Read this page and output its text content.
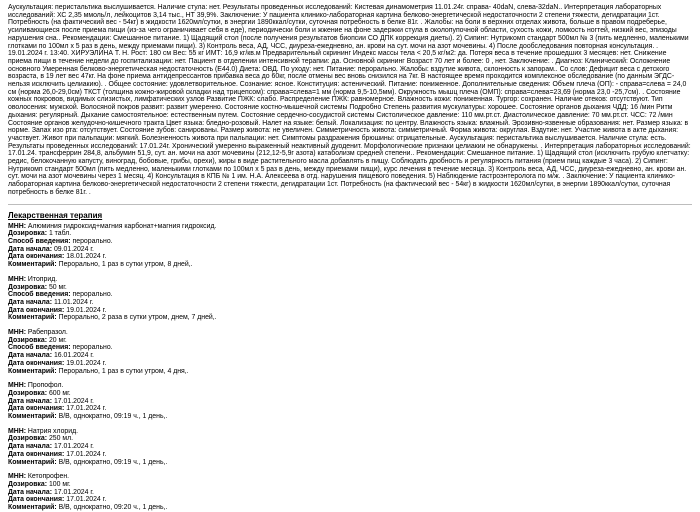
Аускультация: перистальтика выслушивается. Наличие стула: нет. Результаты проведенных исследований: Кистевая динамометрия 11.01.24г. справа- 40daN, слева-32daN.. Интерпретация лабораторных исследований: ХС 2,35 ммоль/л, лейкоцитов 3,14 тыс., НТ 39,9%. Заключение: У пациента клинико-лабораторная картина белково-энергетической недостаточности 2 степени тяжести, дегидратации 1ст. Потребность (на фактический вес - 54кг) в жидкости 1620мл/сутки, в энергии 1890ккал/сутки, суточная потребность в белке 81г. . Жалобы: на боли в верхних отделах живота, больше в правом подреберье, усиливающиеся после приема пищи (из-за чего ограничивает себя в еде), периодически боли и жжение на фоне задержки стула в околопупочной области, сухость кожи, ломкость ногтей, низкий вес, эпизоды нарушения сна.. Рекомендации: Смешанное питание. 1) Щадящий стол (после получения результатов биопсии СО ДПК коррекция диеты). 2) Сипинг: Нутрикомп стандарт 500мл № 3 (пить медленно, маленькими глотками по 100мл х 5 раз в день, между приемами пищи). 3) Контроль веса, АД, ЧСС, диуреза-ежедневно, ан. крови на сут. мочи на азот мочевины. 4) После дообследования повторная консультация. . 19.01.2024 г. 13:40. ХИРУЭЛИНА Т. Н. Рост: 180 см Вес: 55 кг ИМТ: 16,9 кг/кв.м Предварительный скрининг Индекс массы тела ˂ 20,5 кг/м2: да. Потеря веса в течение прошедших 3 месяцев: нет. Снижение приема пищи в течение недели до госпитализации: нет. Пациент в отделении интенсивной терапии: да. Основной скрининг Возраст 70 лет и более: 0 , нет. Заключение: . Диагноз: Клинический: Осложнение основного Умеренная белково-энергетическая недостаточность (Е44.0) Диета: ОВД. По уходу: нет. Питание: перорально. Жалобы: вздутие живота, склонность к запорам.. Со слов: Дефицит веса с детского возраста, в 19 лет вес 47кг. На фоне приема антидепрессантов прибавка веса до 60кг, после отмены вес вновь снизился на 7кг. В настоящее время проходится комплексное обследование (по данным ЭГДС- нельзя исключить целиакию). . Общее состояние: удовлетворительное. Сознание: ясное. Конституция: астенический. Питание: пониженное. Дополнительные сведения: Объем плеча (ОП): - справа=слева = 24,0 см (норма 26,0-29,0см) ТКСТ (толщина кожно-жировой складки над трицепсом): справа=слева=1 мм (норма 9,5-10,5мм). Окружность мышц плеча (ОМП): справа=слева=23,69 (норма 23,0 -25,7см). . Состояние кожных покровов, видимых слизистых, лимфатических узлов Развитие ПЖК: слабо. Распределение ПЖК: равномерное. Влажность кожи: пониженная. Тургор: сохранен. Наличие отеков: отсутствуют. Тип оволосения: мужской. Волосяной покров развит: развит умеренно. Состояние костно-мышечной системы Подробно Степень развития мускулатуры: хорошее. Состояние органов дыхания ЧДД: 16 /мин Ритм дыхания: регулярный. Дыхание самостоятельное: естественным путем. Состояние сердечно-сосудистой системы Систолическое давление: 110 мм.рт.ст. Диастолическое давление: 70 мм.рт.ст. ЧСС: 72 /мин Состояние органов желудочно-кишечного тракта Цвет языка: бледно-розовый. Налет на языке: белый. Локализация: по центру. Влажность языка: влажный. Эрозивно-язвенные образования: нет. Размер языка: в норме. Запах изо рта: отсутствует. Состояние зубов: санированы. Размер живота: не увеличен. Симметричность живота: симметричный. Форма живота: округлая. Вздутие: нет. Участие живота в акте дыхания: участвует. Живот при пальпации: мягкий. Болезненность живота при пальпации: нет. Симптомы раздражения брюшины: отрицательные. Аускультация: перистальтика выслушивается. Наличие стула: есть. Результаты проведенных исследований: 17.01.24г. Хронический умеренно выраженный неактивный дуоденит. Морфологические признаки целиакии не обнаружены. . Интерпретация лабораторных исследований: 17.01.24. трансферрин 284,8, альбумин 51,9, сут. ан. мочи на азот мочевины (212,12-5,9г азота) катаболизм средней степени.. Рекомендации: Смешанное питание. 1) Щадящий стол (исключить грубую клетчатку: редис, белокочанную капусту, виноград, бобовые, грибы, орехи), жиры в виде растительного масла добавлять в пищу. Соблюдать дробность и регулярность питания (прием пищ каждые 3 часа). 2) Сипинг: Нутрикомп стандарт 500мл (пить медленно, маленькими глотками по 100мл х 5 раз в день, между приемами пищи), курс лечения в течение месяца. 3) Контроль веса, АД, ЧСС, диуреза-ежедневно, ан. крови ан. сут. мочи на азот мочевины через 1 месяц. 4) Консультация в КПБ № 1 им. Н.А. Алексеева в отд. нарушения пищевого поведения. 5) Наблюдение гастроэнтеролога по м/ж. . Заключение: У пациента клинико-лабораторная картина белково-энергетической недостаточности 2 степени тяжести, дегидратации 1ст. Потребность (на фактический вес - 54кг) в жидкости 1620мл/сутки, в энергии 1890ккал/сутки, суточная потребность в белке 81г. .

Лекарственная терапия
МНН: Алюминия гидроксид+магния карбонат+магния гидроксид.
Дозировка: 1 табл.
Способ введения: перорально.
Дата начала: 09.01.2024 г.
Дата окончания: 18.01.2024 г.
Комментарий: Перорально, 1 раз в сутки утром, 8 дней,.
МНН: Итоприд.
Дозировка: 50 мг.
Способ введения: перорально.
Дата начала: 11.01.2024 г.
Дата окончания: 19.01.2024 г.
Комментарий: Перорально, 2 раза в сутки утром, днем, 7 дней,.
МНН: Рабепразол.
Дозировка: 20 мг.
Способ введения: перорально.
Дата начала: 16.01.2024 г.
Дата окончания: 19.01.2024 г.
Комментарий: Перорально, 1 раз в сутки утром, 4 дня,.
МНН: Пропофол.
Дозировка: 600 мг.
Дата начала: 17.01.2024 г.
Дата окончания: 17.01.2024 г.
Комментарий: В/В, однократно, 09:19 ч., 1 день,.
МНН: Натрия хлорид.
Дозировка: 250 мл.
Дата начала: 17.01.2024 г.
Дата окончания: 17.01.2024 г.
Комментарий: В/В, однократно, 09:19 ч., 1 день,.
МНН: Кетопрофен.
Дозировка: 100 мг.
Дата начала: 17.01.2024 г.
Дата окончания: 17.01.2024 г.
Комментарий: В/В, однократно, 09:20 ч., 1 день,.
